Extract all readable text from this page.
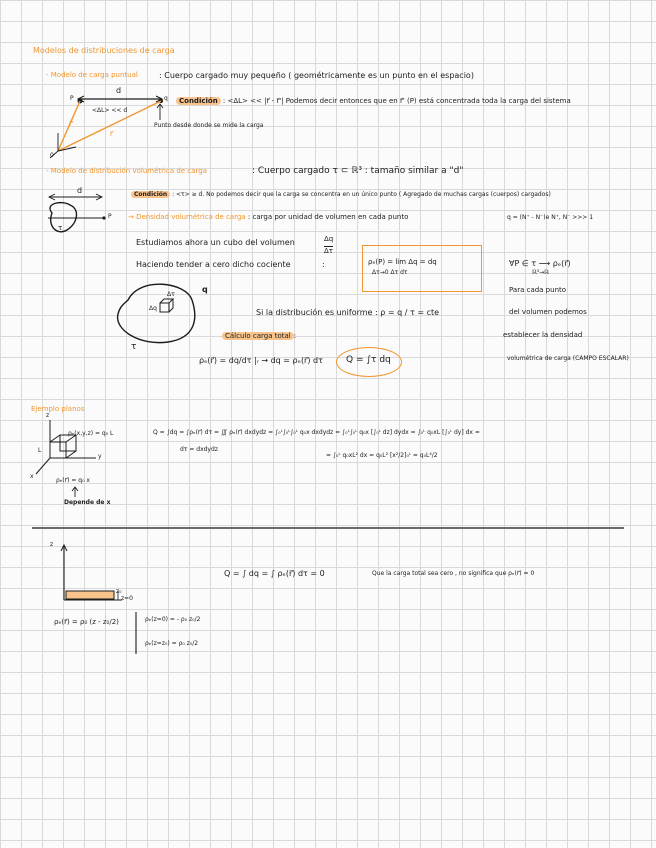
Modelos de distribuciones de carga
- Modelo de carga puntual	: Cuerpo cargado muy pequeño ( geométricamente es un punto en el espacio)
d
P	q
<ΔL> << d
r⃗'
r⃗
0
Condición : <ΔL> << |r⃗ - r⃗'| Podemos decir entonces que en r⃗' (P) está concentrada toda la carga del sistema
Punto desde donde se mide la carga
- Modelo de distribución volumétrica de carga	: Cuerpo cargado τ ⊂ ℝ³ : tamaño similar a "d"
d
τ
P
Condición : <τ> ≥ d. No podemos decir que la carga se concentra en un único punto ( Agregado de muchas cargas (cuerpos) cargados)
→ Densidad volumétrica de carga : carga por unidad de volumen en cada punto	q = (N⁺ - N⁻)e N⁺, N⁻ >>> 1
Estudiamos ahora un cubo del volumen	Δq
Δτ
Haciendo tender a cero dicho cociente	:	ρₑ(P) = lim Δq = dq
Δτ→0 Δτ dτ
∀P ∈ τ ⟶ ρₑ(r⃗)
ℝ³→ℝ
Para cada punto
del volumen podemos
establecer la densidad
volumétrica de carga (CAMPO ESCALAR)
q
Δq
Δτ
τ
Si la distribución es uniforme : ρ = q / τ = cte
Cálculo carga total :
ρₑ(r⃗) = dq/dτ |ᵣ → dq = ρₑ(r⃗) dτ	Q = ∫τ dq
Ejemplo planos
z
y
x
L
ρₑ(x,y,z) = q₀ L
ρₑ(r⃗) = q₀ x
Depende de x
Q = ∫dq = ∫ρₑ(r⃗) dτ = ∭ ρₑ(r⃗) dxdydz = ∫₀ᴸ∫₀ᴸ∫₀ᴸ q₀x dxdydz = ∫₀ᴸ∫₀ᴸ q₀x [∫₀ᴸ dz] dydx = ∫₀ᴸ q₀xL [∫₀ᴸ dy] dx =
dτ = dxdydz
= ∫₀ᴸ q₀xL² dx = q₀L² [x²/2]₀ᴸ = q₀L⁴/2
z
z₀
z=0
ρₑ(r⃗) = ρ₀ (z - z₀/2)	ρₑ(z=0) = - ρ₀ z₀/2
ρₑ(z=z₀) = ρ₀ z₀/2
Q = ∫ dq = ∫ ρₑ(r⃗) dτ = 0	Que la carga total sea cero , no significa que ρₑ(r⃗) = 0
